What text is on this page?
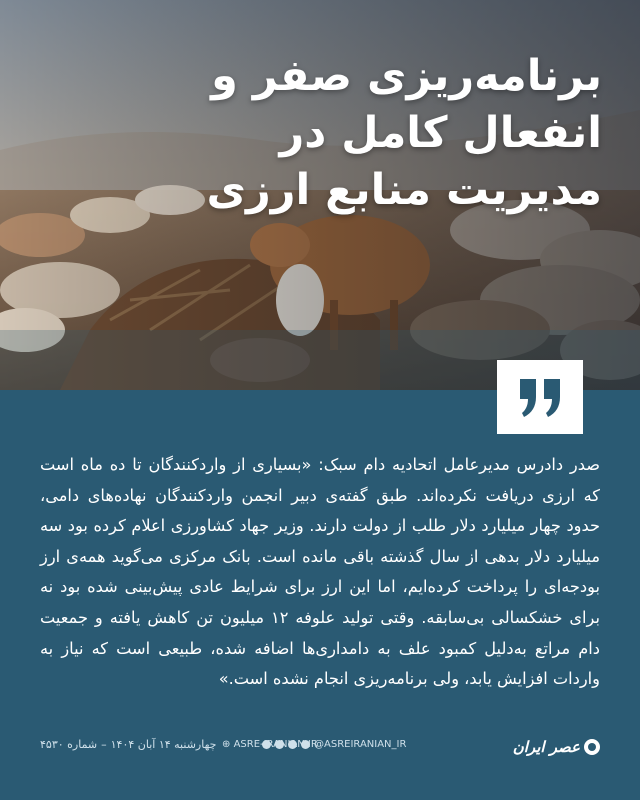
برنامه‌ریزی صفر و
انفعال کامل در
مدیریت منابع ارزی
صدر دادرس مدیرعامل اتحادیه دام سبک: «بسیاری از واردکنندگان تا ده ماه است که ارزی دریافت نکرده‌اند. طبق گفته‌ی دبیر انجمن واردکنندگان نهاده‌های دامی، حدود چهار میلیارد دلار طلب از دولت دارند. وزیر جهاد کشاورزی اعلام کرده بود سه میلیارد دلار بدهی از سال گذشته باقی مانده است. بانک مرکزی می‌گوید همه‌ی ارز بودجه‌ای را پرداخت کرده‌ایم، اما این ارز برای شرایط عادی پیش‌بینی شده بود نه برای خشکسالی بی‌سابقه. وقتی تولید علوفه ۱۲ میلیون تن کاهش یافته و جمعیت دام مراتع به‌دلیل کمبود علف به دامداری‌ها اضافه شده، طبیعی است که نیاز به واردات افزایش یابد، ولی برنامه‌ریزی انجام نشده است.»
عصر ایران
@ASREIRANIAN_IR
⊕ ASRE-IRANIAN.IR
چهارشنبه ۱۴ آبان ۱۴۰۴–شماره ۴۵۳۰
